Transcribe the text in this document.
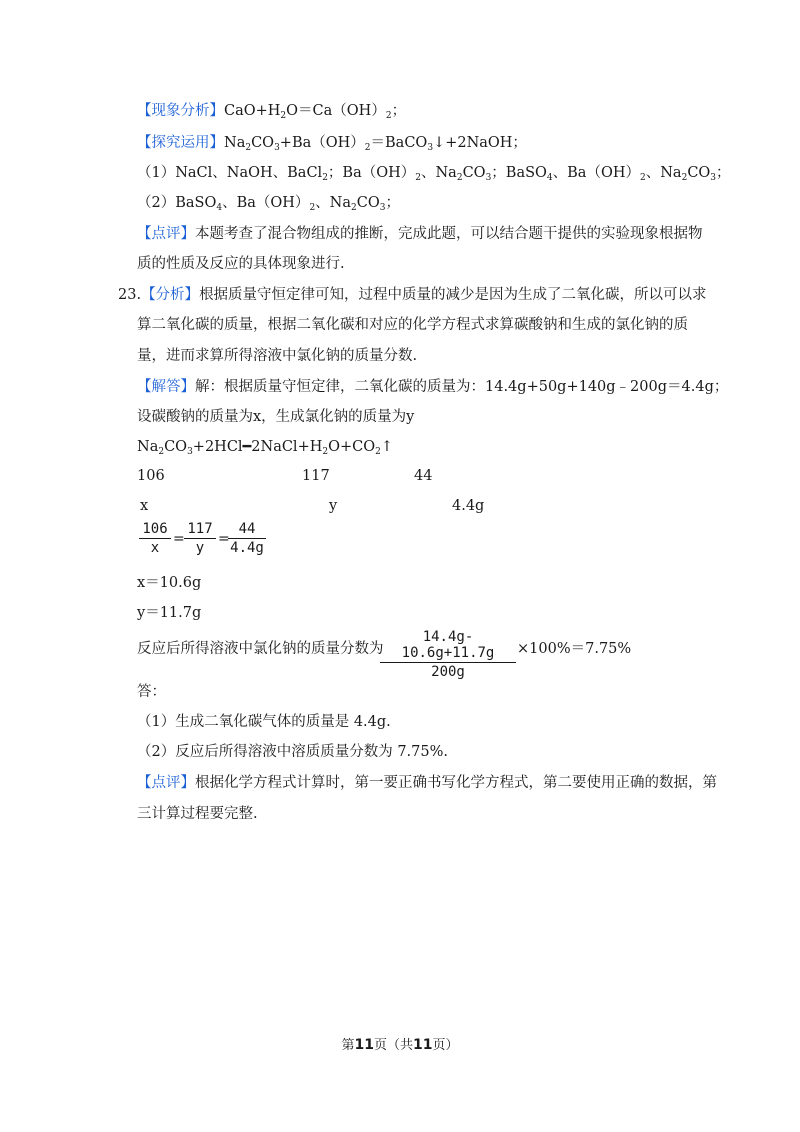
【现象分析】$CaO+H_2O=Ca(OH)_2$；
【探究运用】$Na_2CO_3+Ba(OH)_2=BaCO_3↓+2NaOH$；
（1）NaCl、NaOH、BaCl$_2$；$Ba(OH)_2$、$Na_2CO_3$；BaSO$_4$、$Ba(OH)_2$、$Na_2CO_3$；
（2）BaSO$_4$、$Ba(OH)_2$、$Na_2CO_3$；
【点评】本题考查了混合物组成的推断，完成此题，可以结合题干提供的实验现象根据物
质的性质及反应的具体现象进行.
23.【分析】根据质量守恒定律可知，过程中质量的减少是因为生成了二氧化碳，所以可以求
算二氧化碳的质量，根据二氧化碳和对应的化学方程式求算碳酸钠和生成的氯化钠的质
量，进而求算所得溶液中氯化钠的质量分数.
【解答】解：根据质量守恒定律，二氧化碳的质量为：14.4g+50g+140g﹣200g＝4.4g；
设碳酸钠的质量为x，生成氯化钠的质量为y
$Na_2CO_3+2HCl━2NaCl+H_2O+CO_2↑$
106	117	44
x	y	4.4g
$\frac{106}{x} = \frac{117}{y}$ =
$\frac{44}{4.4g}$
x＝10.6g
y＝11.7g
反应后所得溶液中氯化钠的质量分数为
$\frac{14.4g-10.6g+11.7g}{200g} \times 100\%=7.75\%$
答：
（1）生成二氧化碳气体的质量是 4.4g.
（2）反应后所得溶液中溶质质量分数为 7.75%.
【点评】根据化学方程式计算时，第一要正确书写化学方程式，第二要使用正确的数据，第
三计算过程要完整.
第11页（共11页）
